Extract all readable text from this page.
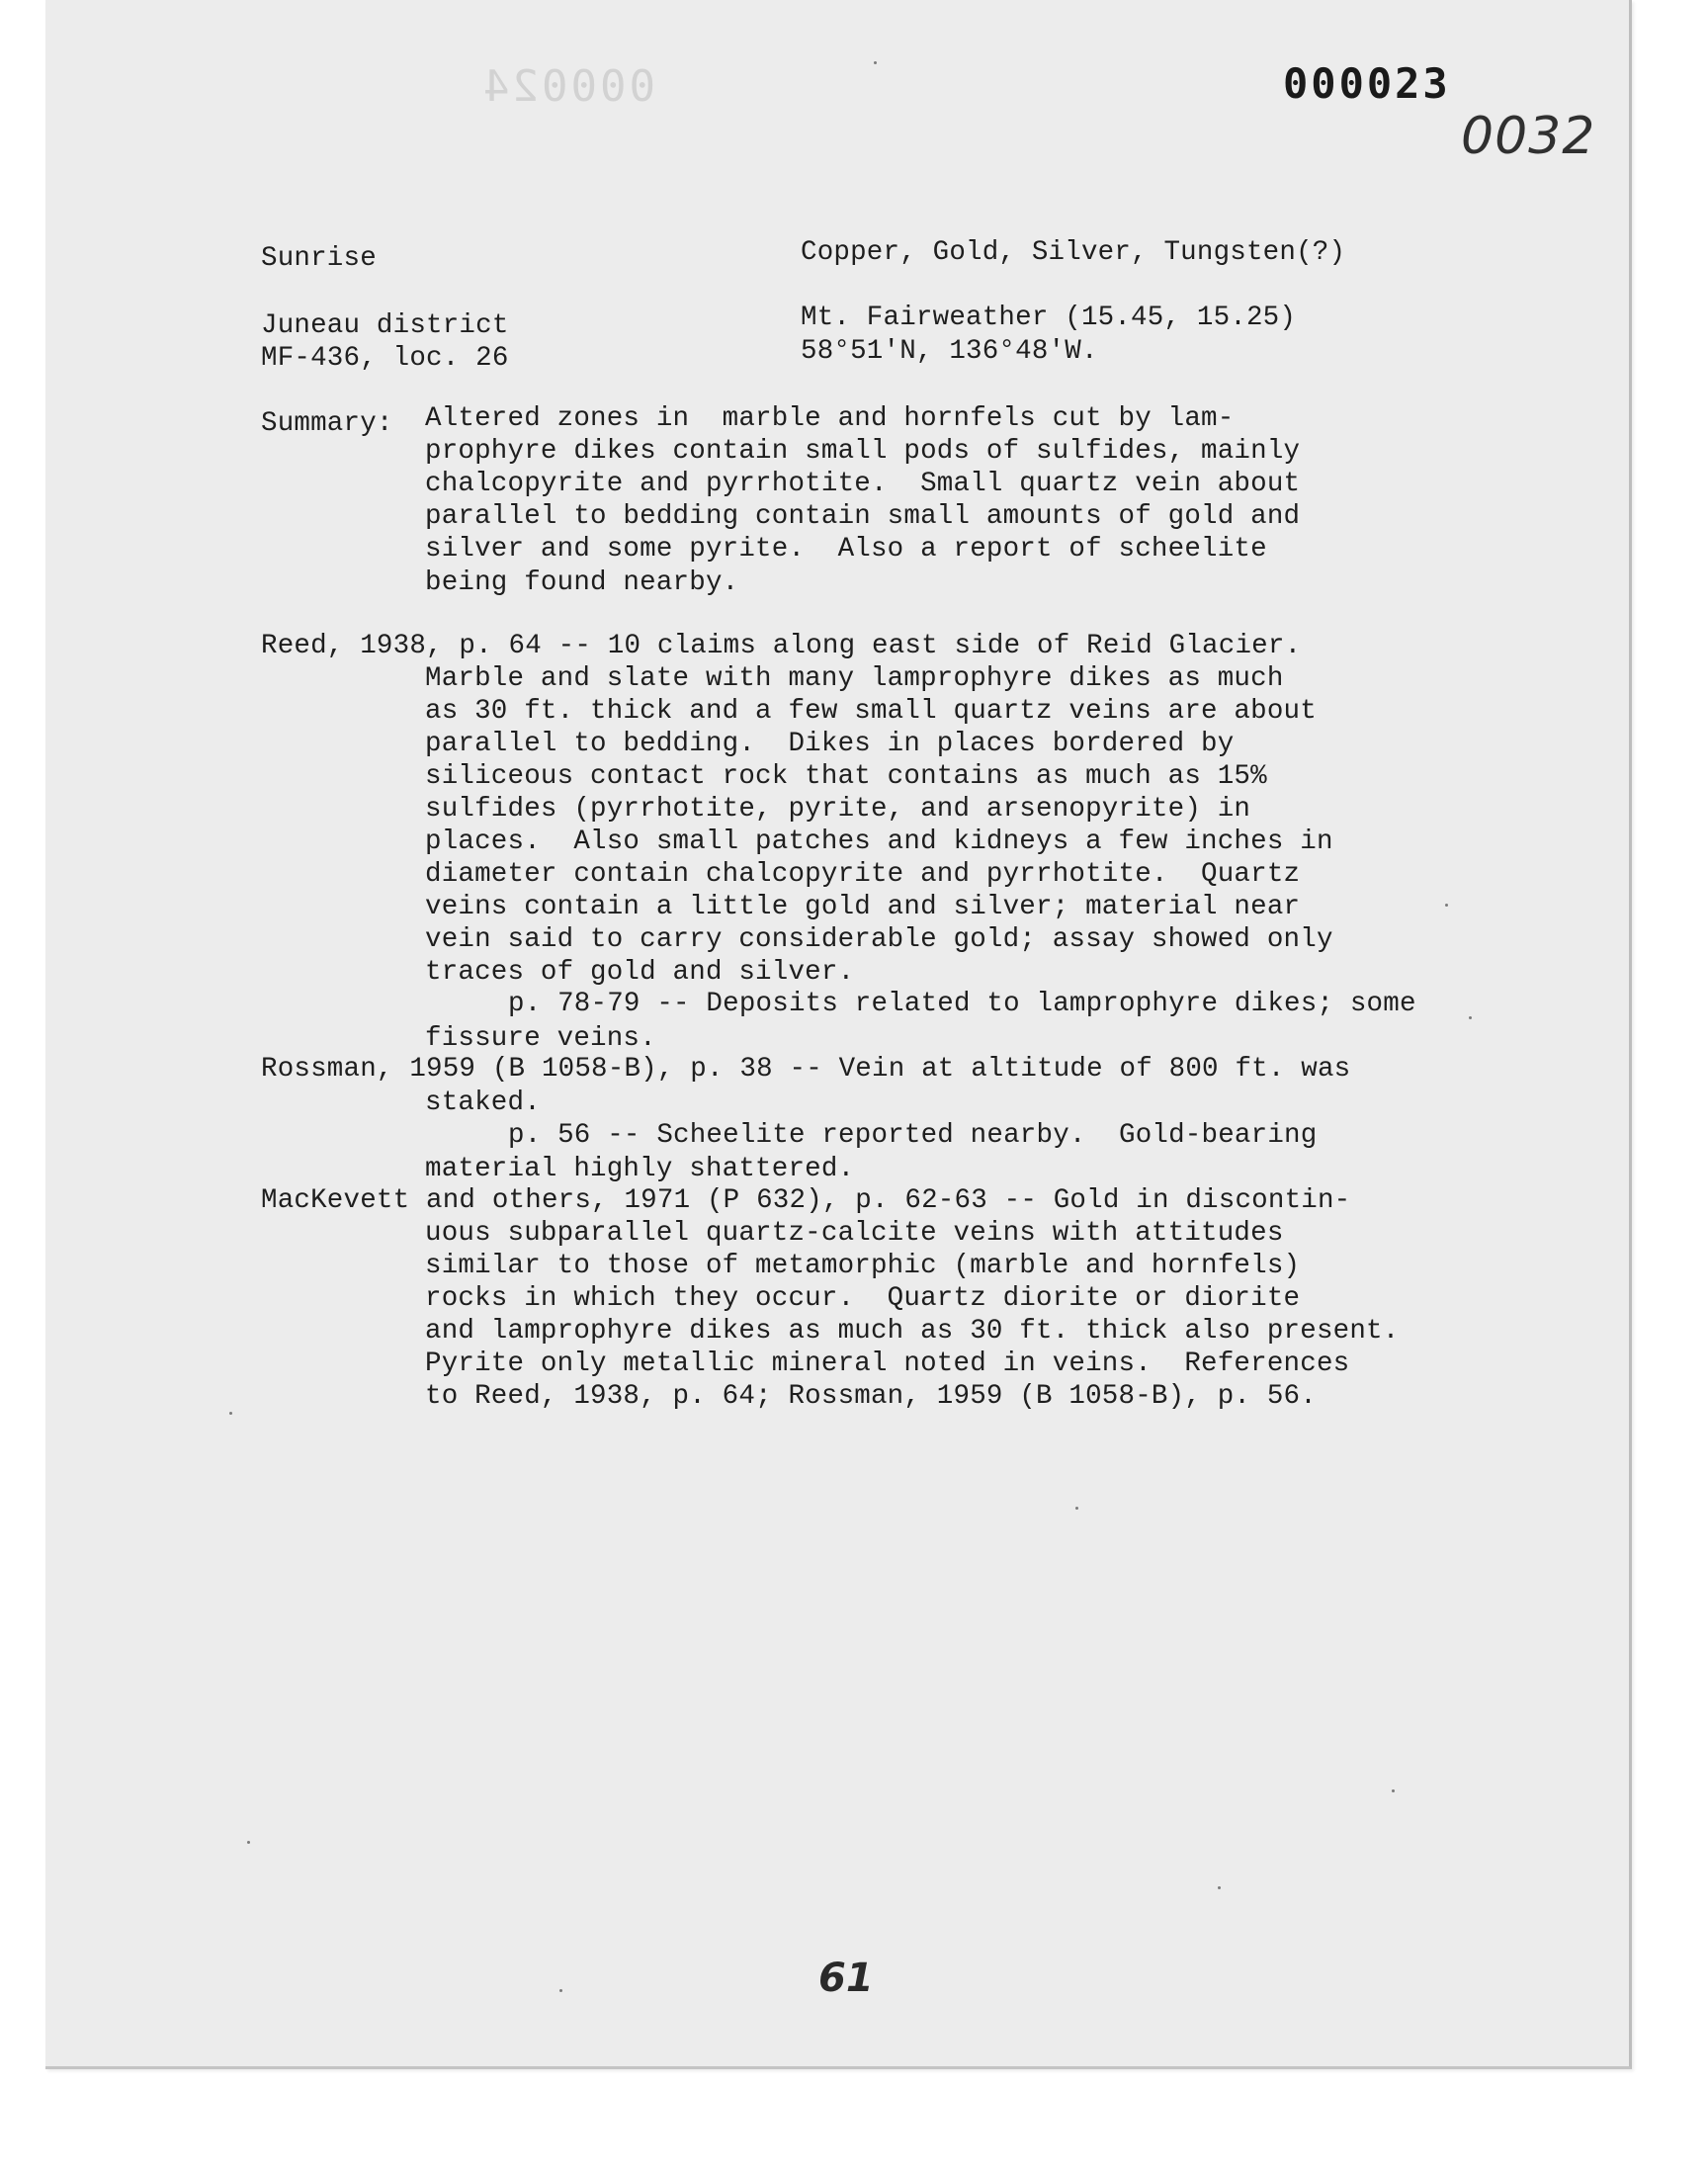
000024	000023
0032
Sunrise	Copper, Gold, Silver, Tungsten(?)
Juneau district	Mt. Fairweather (15.45, 15.25)
MF-436, loc. 26	58°51'N, 136°48'W.
Summary: Altered zones in  marble and hornfels cut by lam-
prophyre dikes contain small pods of sulfides, mainly
chalcopyrite and pyrrhotite.  Small quartz vein about
parallel to bedding contain small amounts of gold and
silver and some pyrite.  Also a report of scheelite
being found nearby.
Reed, 1938, p. 64 -- 10 claims along east side of Reid Glacier.
Marble and slate with many lamprophyre dikes as much
as 30 ft. thick and a few small quartz veins are about
parallel to bedding.  Dikes in places bordered by
siliceous contact rock that contains as much as 15%
sulfides (pyrrhotite, pyrite, and arsenopyrite) in
places.  Also small patches and kidneys a few inches in
diameter contain chalcopyrite and pyrrhotite.  Quartz
veins contain a little gold and silver; material near
vein said to carry considerable gold; assay showed only
traces of gold and silver.
p. 78-79 -- Deposits related to lamprophyre dikes; some
fissure veins.
Rossman, 1959 (B 1058-B), p. 38 -- Vein at altitude of 800 ft. was
staked.
p. 56 -- Scheelite reported nearby.  Gold-bearing
material highly shattered.
MacKevett and others, 1971 (P 632), p. 62-63 -- Gold in discontin-
uous subparallel quartz-calcite veins with attitudes
similar to those of metamorphic (marble and hornfels)
rocks in which they occur.  Quartz diorite or diorite
and lamprophyre dikes as much as 30 ft. thick also present.
Pyrite only metallic mineral noted in veins.  References
to Reed, 1938, p. 64; Rossman, 1959 (B 1058-B), p. 56.
61
